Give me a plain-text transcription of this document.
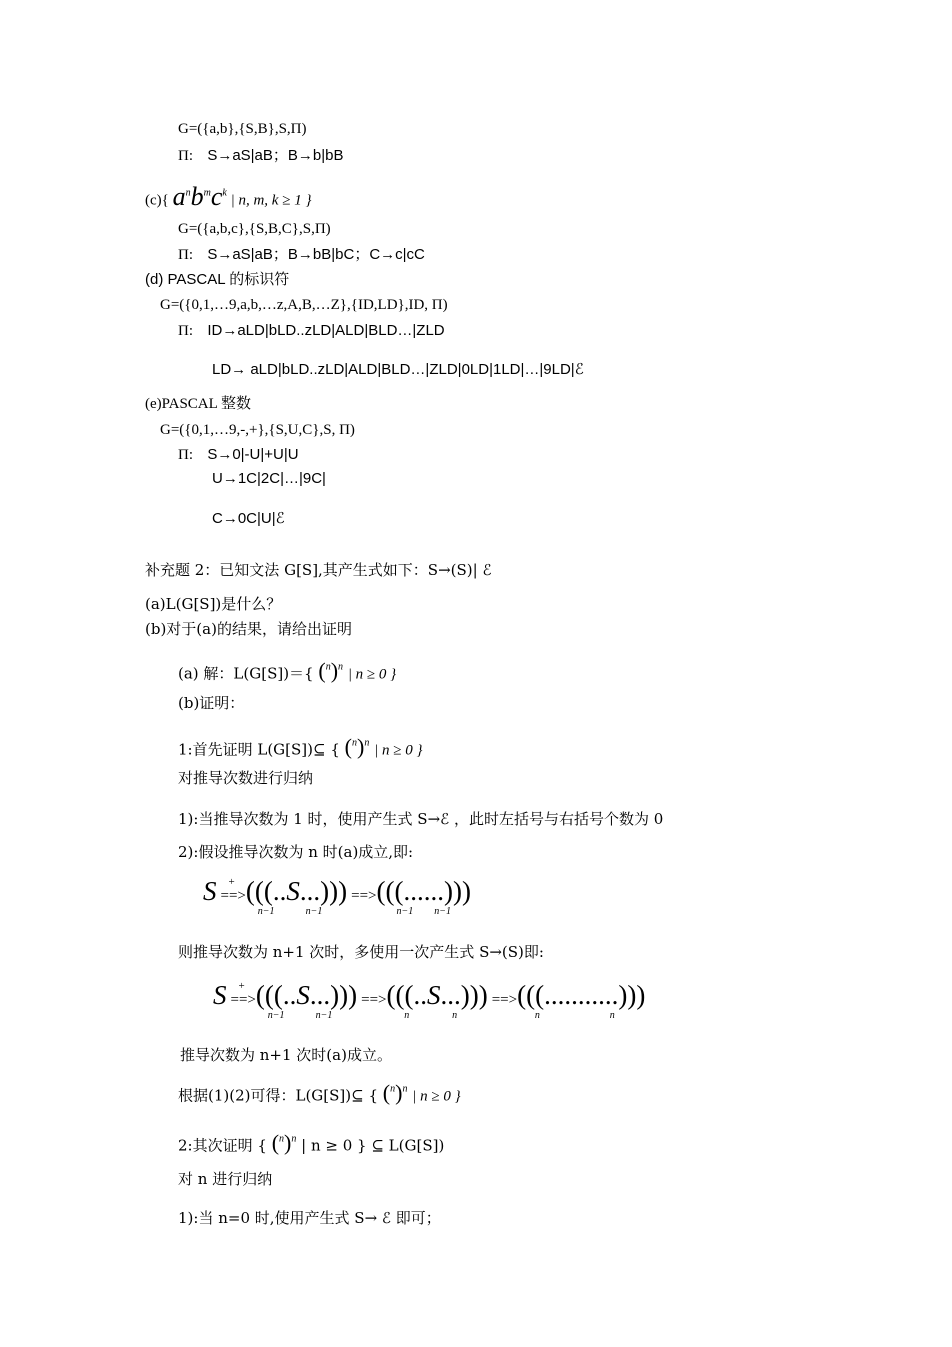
G=({a,b},{S,B},S,Π)
Π: S→aS|aB；B→b|bB
(c){ $a^nb^mc^k$ | n, m, k ≥ 1 }
G=({a,b,c},{S,B,C},S,Π)
Π: S→aS|aB；B→bB|bC；C→c|cC
(d) PASCAL 的标识符
G=({0,1,…9,a,b,…z,A,B,…Z},{ID,LD},ID, Π)
Π: ID→aLD|bLD..zLD|ALD|BLD…|ZLD
LD→ aLD|bLD..zLD|ALD|BLD…|ZLD|0LD|1LD|…|9LD|ℰ
(e)PASCAL 整数
G=({0,1,…9,-,+},{S,U,C},S, Π)
Π: S→0|-U|+U|U
U→1C|2C|…|9C|
C→0C|U|ℰ
补充题 2：已知文法 G[S],其产生式如下：S→(S)| ℰ
(a)L(G[S])是什么？
(b)对于(a)的结果，请给出证明
(a) 解：L(G[S])＝{ $(^n)^n$ | n ≥ 0 }
(b)证明：
1:首先证明 L(G[S])⊆ { $(^n)^n$ | n ≥ 0 }
对推导次数进行归纳
1):当推导次数为 1 时，使用产生式 S→ℰ ，此时左括号与右括号个数为 0
2):假设推导次数为 n 时(a)成立,即:
S +
==>(((..
n−1
S...)))
n−1
==>(((......)))
n−1 n−1
则推导次数为 n+1 次时，多使用一次产生式 S→(S)即:
S +
==>(((..
n−1
S...)))
n−1
==>(((..
n
S...)))
n
==>(((..
n
.........)))
n
推导次数为 n+1 次时(a)成立。
根据(1)(2)可得：L(G[S])⊆ { $(^n)^n$ | n ≥ 0 }
2:其次证明 { $(^n)^n$ | n ≥ 0 } ⊆ L(G[S])
对 n 进行归纳
1):当 n=0 时,使用产生式 S→ ℰ 即可；
